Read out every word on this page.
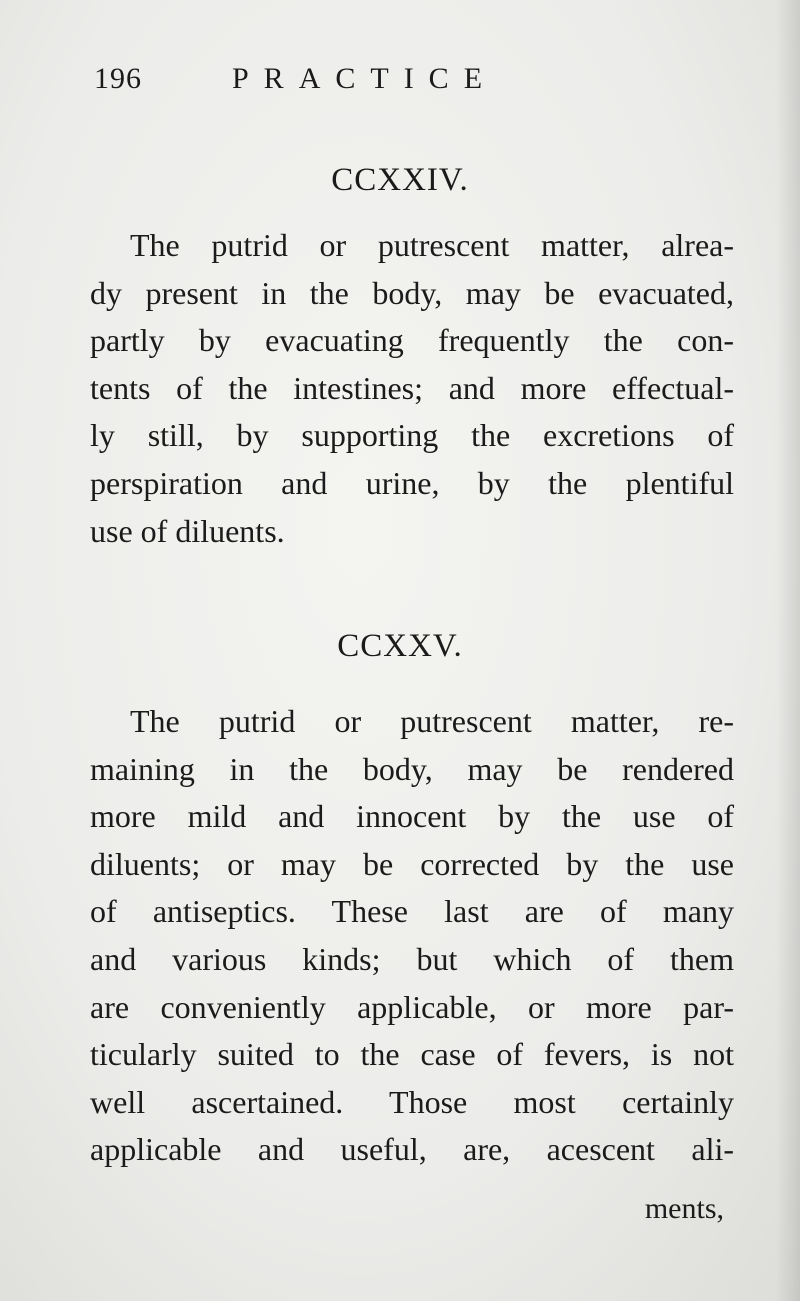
196	PRACTICE
CCXXIV.
The putrid or putrescent matter, alrea-
dy present in the body, may be evacuated,
partly by evacuating frequently the con-
tents of the intestines; and more effectual-
ly still, by supporting the excretions of
perspiration and urine, by the plentiful
use of diluents.
CCXXV.
The putrid or putrescent matter, re-
maining in the body, may be rendered
more mild and innocent by the use of
diluents; or may be corrected by the use
of antiseptics. These last are of many
and various kinds; but which of them
are conveniently applicable, or more par-
ticularly suited to the case of fevers, is not
well ascertained. Those most certainly
applicable and useful, are, acescent ali-
ments,
